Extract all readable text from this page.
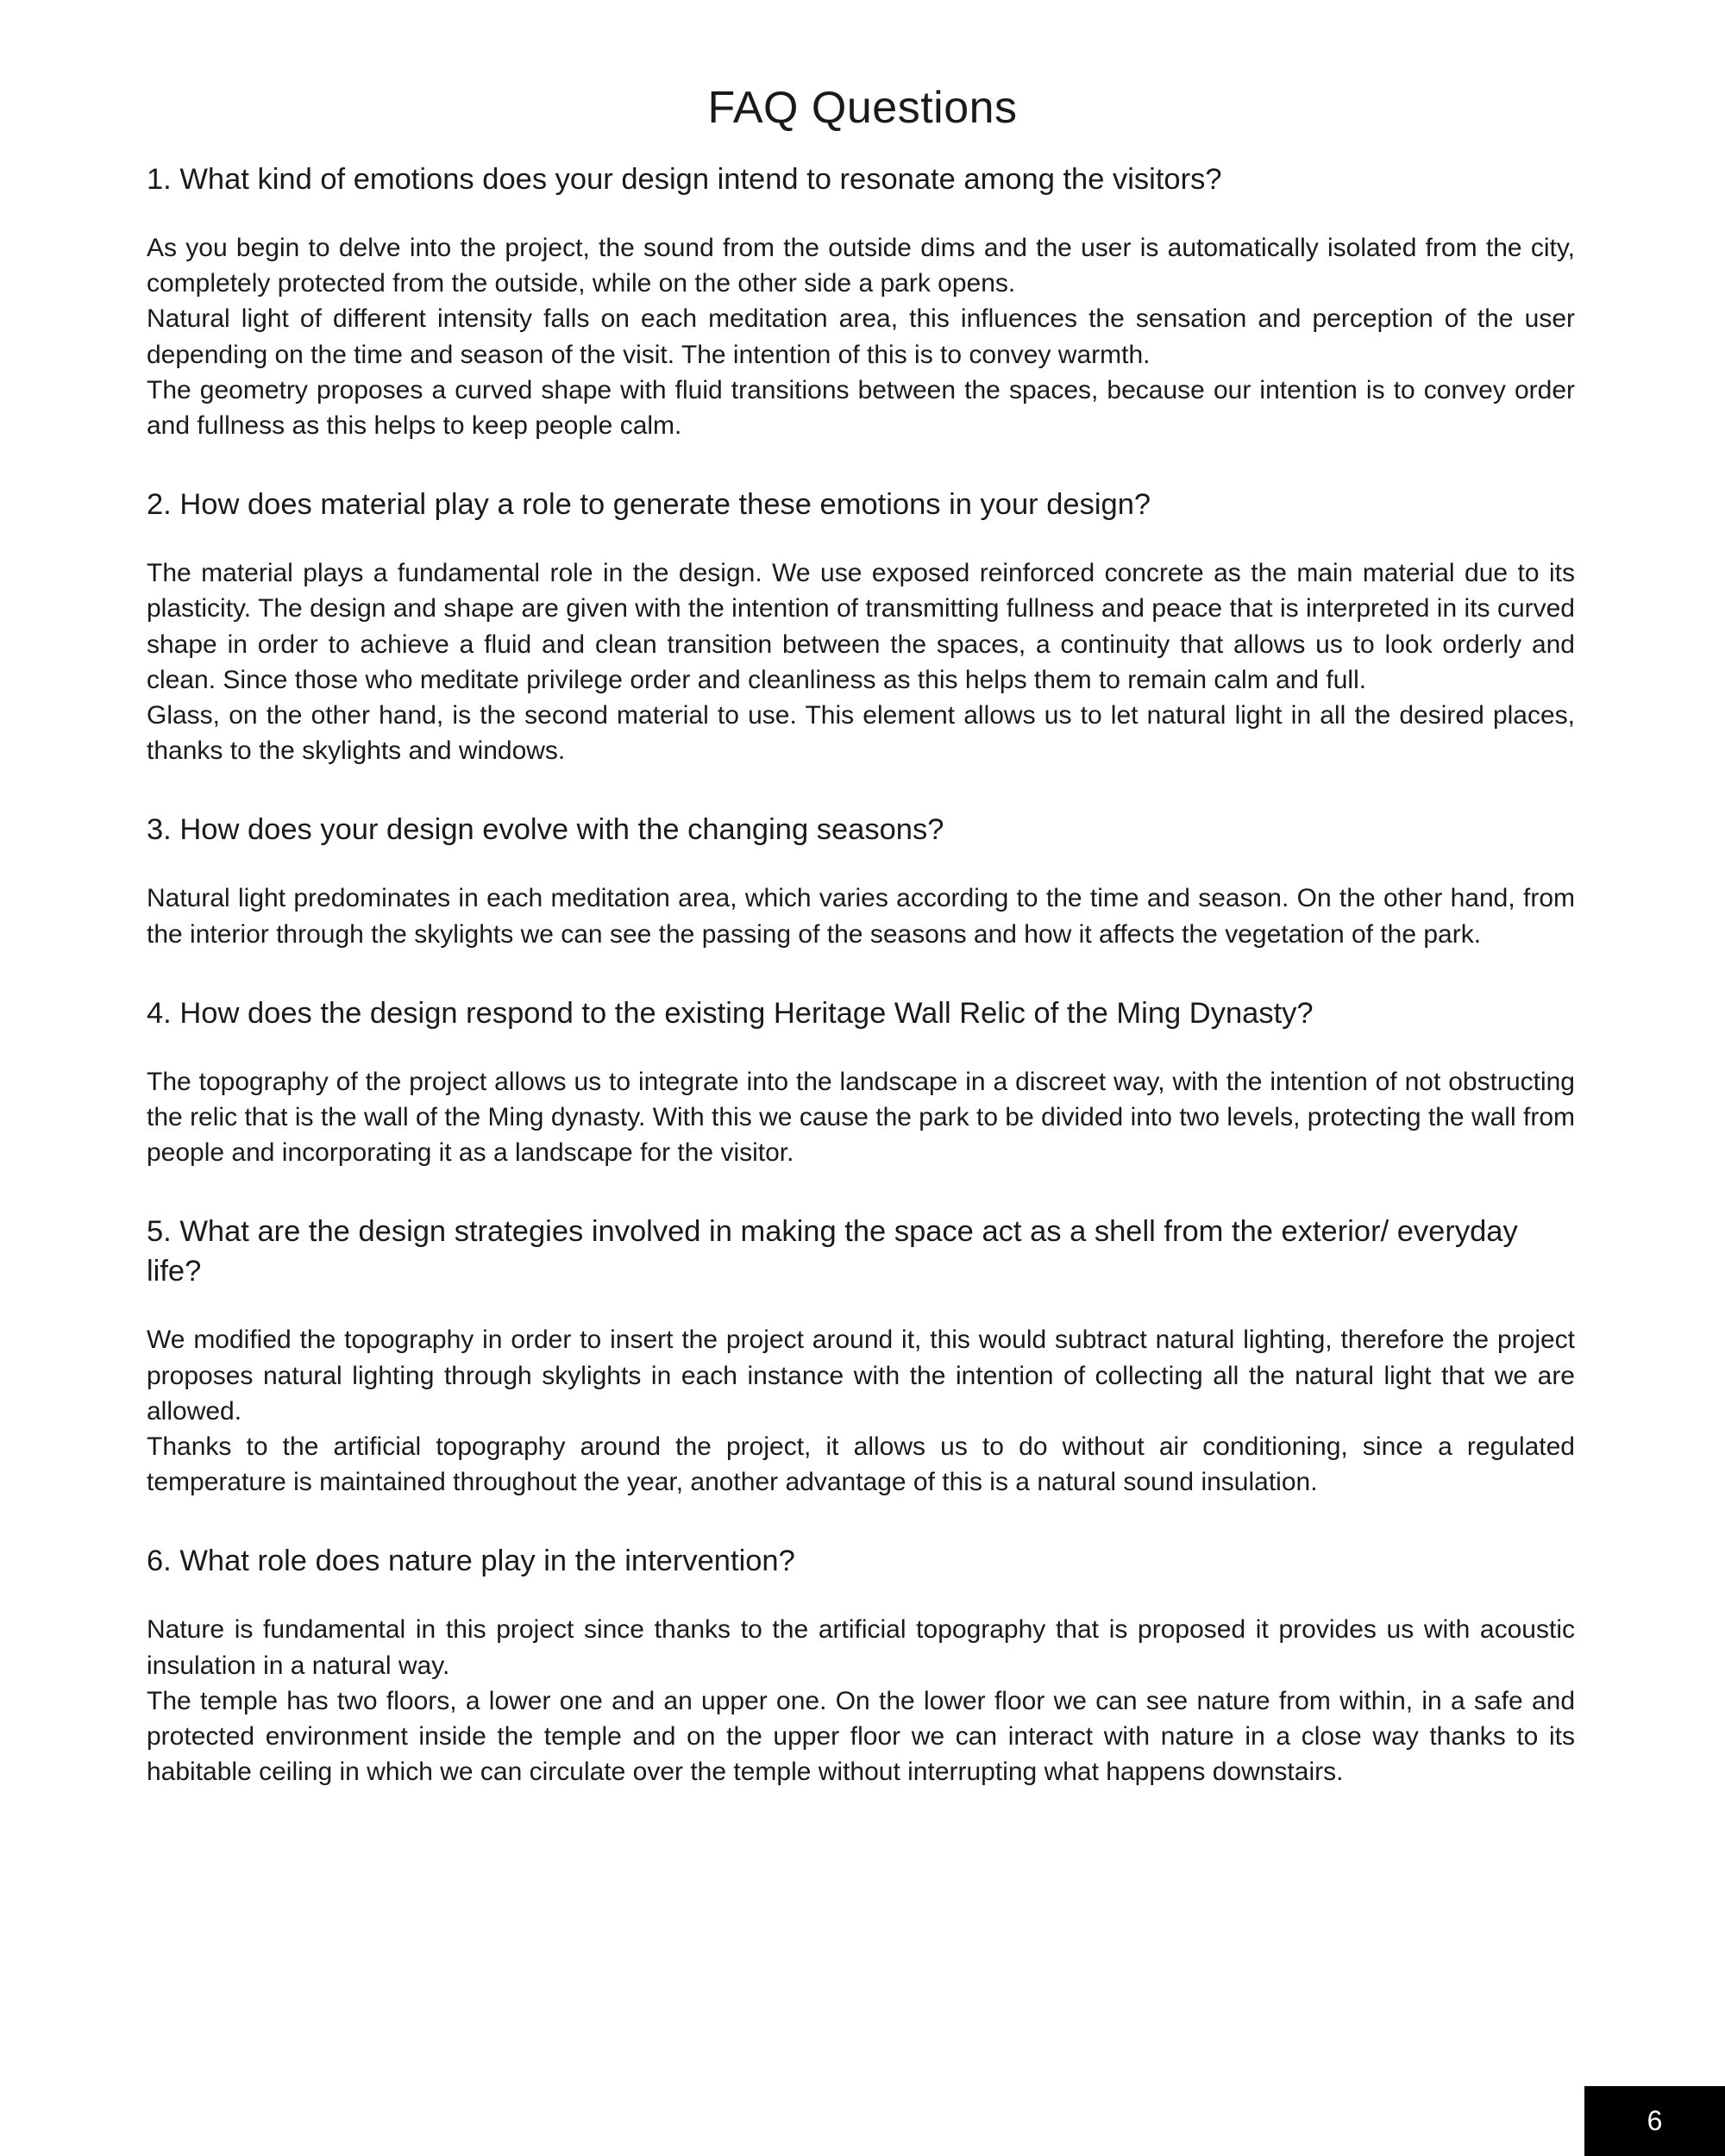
FAQ Questions
1. What kind of emotions does your design intend to resonate among the visitors?

As you begin to delve into the project, the sound from the outside dims and the user is automatically isolated from the city, completely protected from the outside, while on the other side a park opens.

Natural light of different intensity falls on each meditation area, this influences the sensation and perception of the user depending on the time and season of the visit. The intention of this is to convey warmth.

The geometry proposes a curved shape with fluid transitions between the spaces, because our intention is to convey order and fullness as this helps to keep people calm.

2. How does material play a role to generate these emotions in your design?

The material plays a fundamental role in the design. We use exposed reinforced concrete as the main material due to its plasticity. The design and shape are given with the intention of transmitting fullness and peace that is interpreted in its curved shape in order to achieve a fluid and clean transition between the spaces, a continuity that allows us to look orderly and clean. Since those who meditate privilege order and cleanliness as this helps them to remain calm and full.

Glass, on the other hand, is the second material to use. This element allows us to let natural light in all the desired places, thanks to the skylights and windows.

3. How does your design evolve with the changing seasons?

Natural light predominates in each meditation area, which varies according to the time and season. On the other hand, from the interior through the skylights we can see the passing of the seasons and how it affects the vegetation of the park.

4. How does the design respond to the existing Heritage Wall Relic of the Ming Dynasty?

The topography of the project allows us to integrate into the landscape in a discreet way, with the intention of not obstructing the relic that is the wall of the Ming dynasty. With this we cause the park to be divided into two levels, protecting the wall from people and incorporating it as a landscape for the visitor.

5. What are the design strategies involved in making the space act as a shell from the exterior/ everyday life?

We modified the topography in order to insert the project around it, this would subtract natural lighting, therefore the project proposes natural lighting through skylights in each instance with the intention of collecting all the natural light that we are allowed.

Thanks to the artificial topography around the project, it allows us to do without air conditioning, since a regulated temperature is maintained throughout the year, another advantage of this is a natural sound insulation.

6. What role does nature play in the intervention?

Nature is fundamental in this project since thanks to the artificial topography that is proposed it provides us with acoustic insulation in a natural way.

The temple has two floors, a lower one and an upper one. On the lower floor we can see nature from within, in a safe and protected environment inside the temple and on the upper floor we can interact with nature in a close way thanks to its habitable ceiling in which we can circulate over the temple without interrupting what happens downstairs.

6
